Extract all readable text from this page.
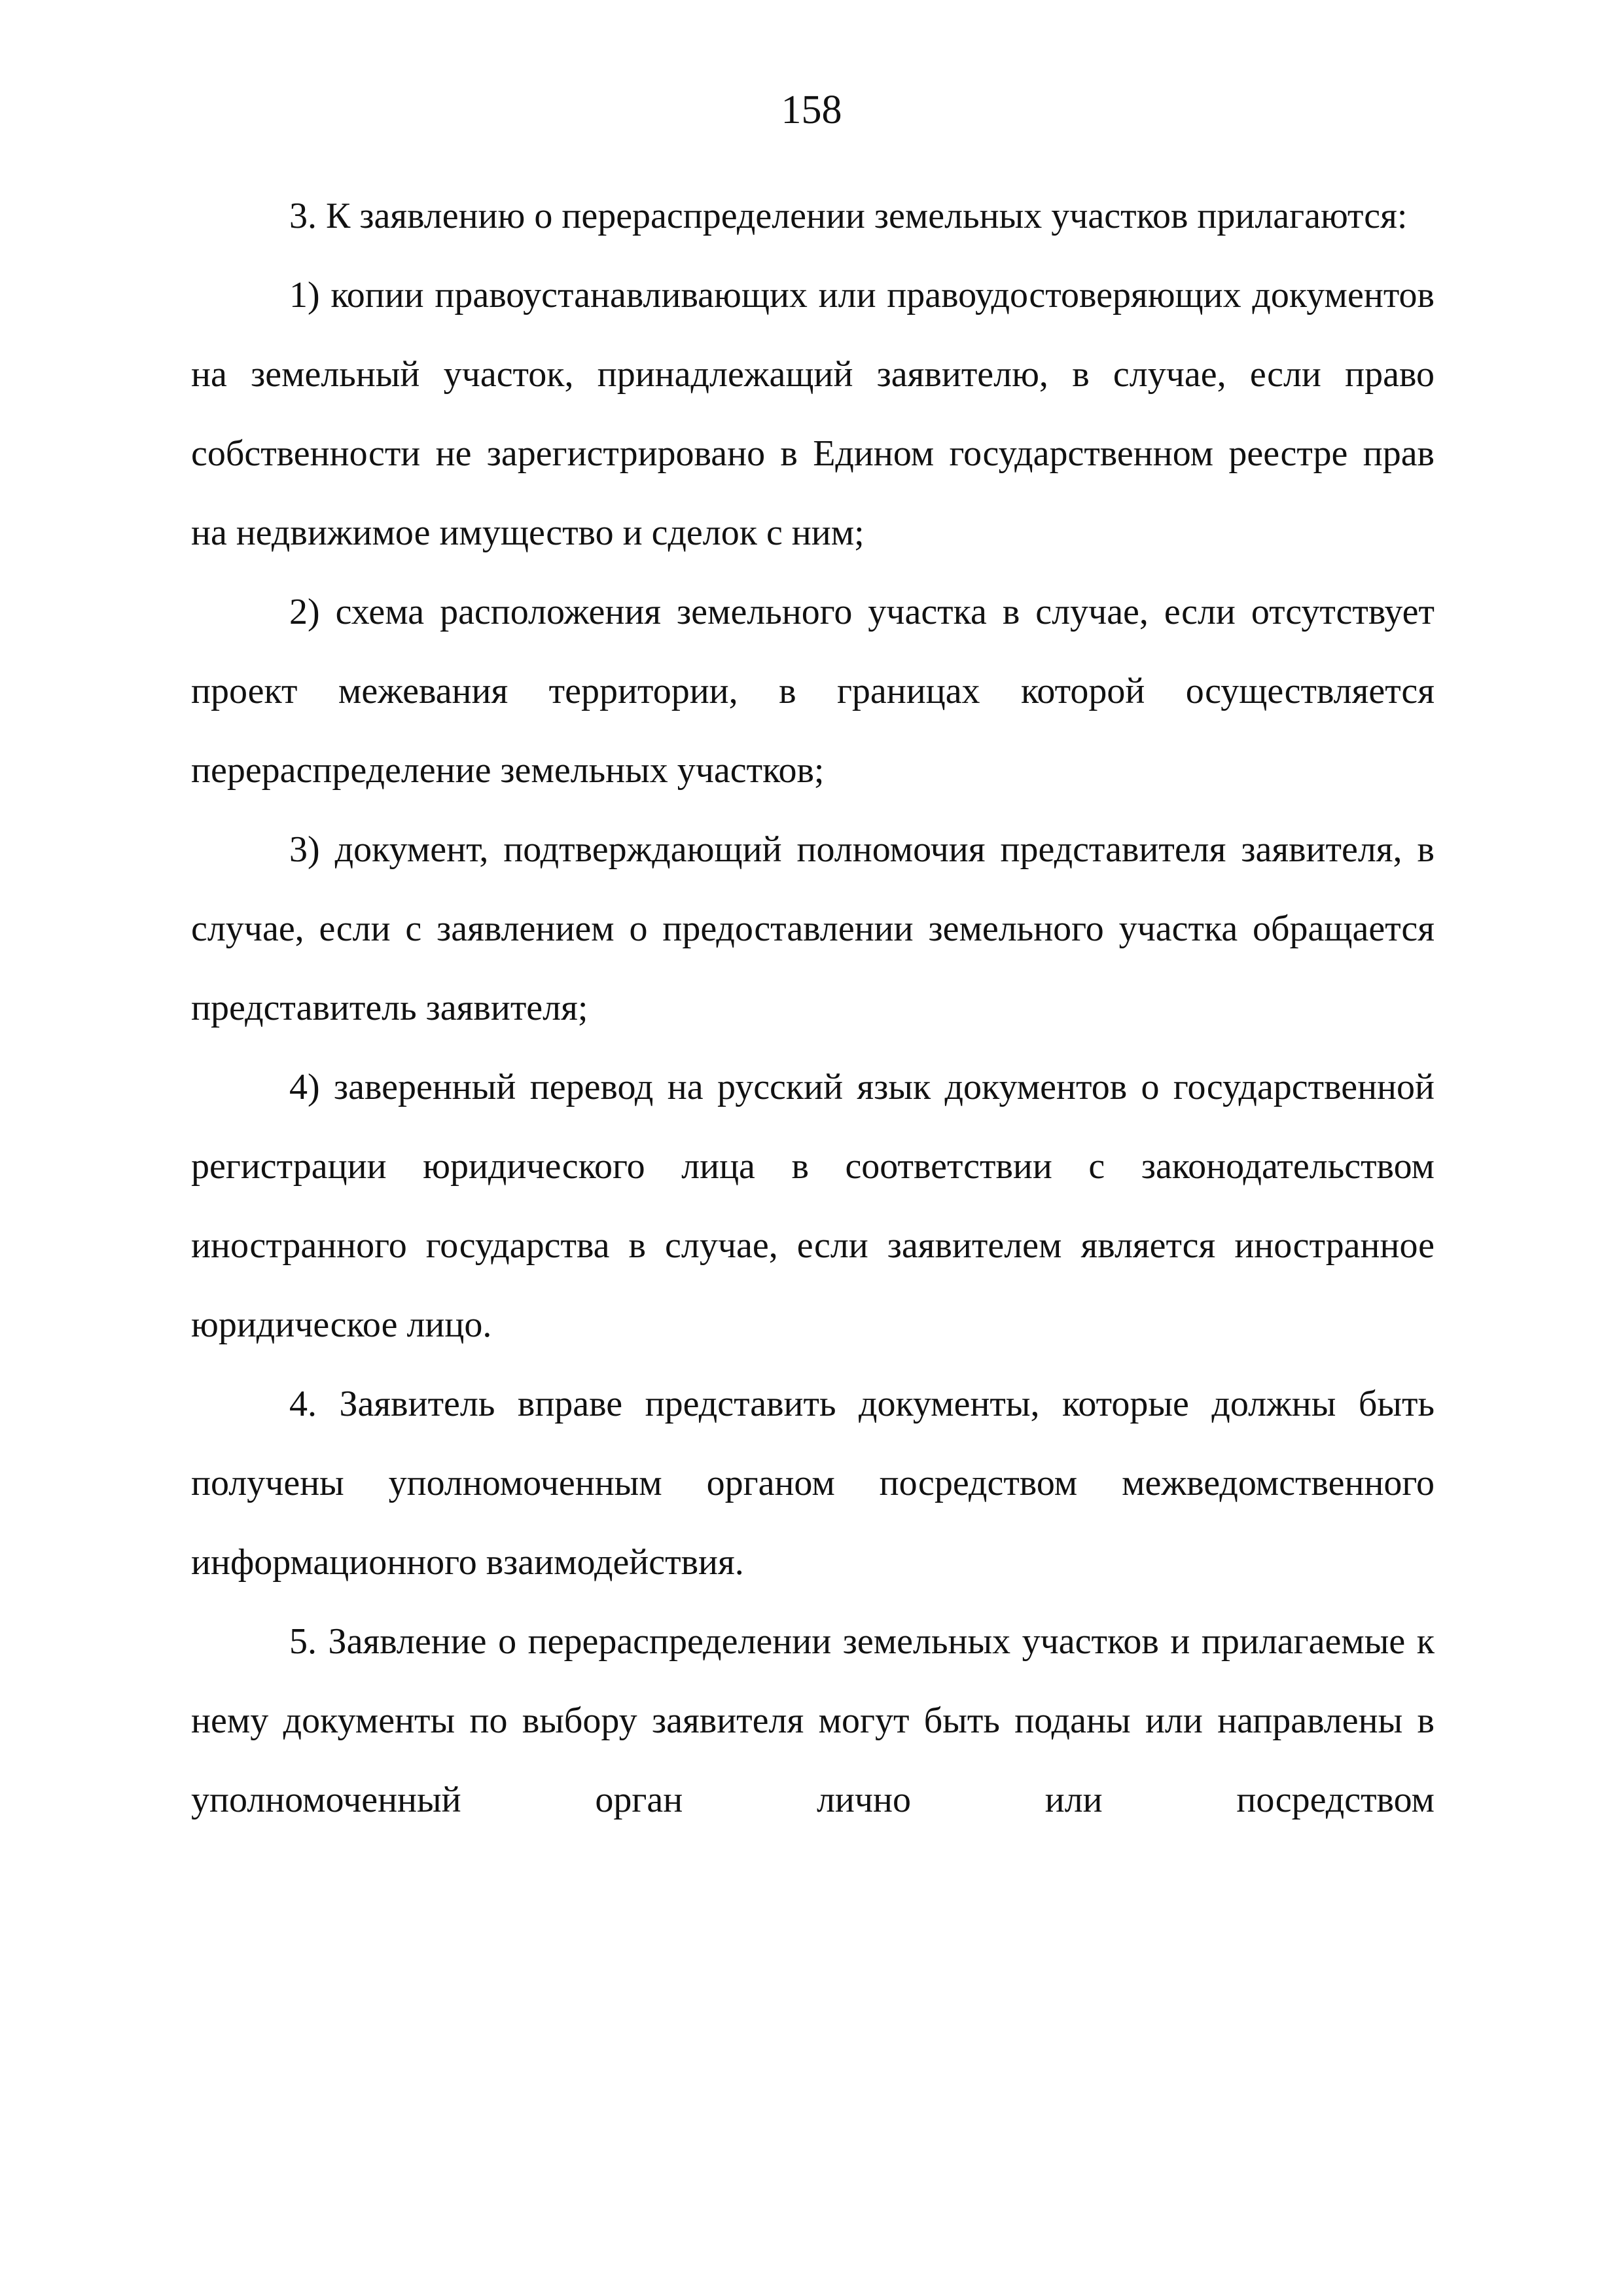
158

3. К заявлению о перераспределении земельных участков прилагаются:

1) копии правоустанавливающих или правоудостоверяющих документов на земельный участок, принадлежащий заявителю, в случае, если право собственности не зарегистрировано в Едином государственном реестре прав на недвижимое имущество и сделок с ним;

2) схема расположения земельного участка в случае, если отсутствует проект межевания территории, в границах которой осуществляется перераспределение земельных участков;

3) документ, подтверждающий полномочия представителя заявителя, в случае, если с заявлением о предоставлении земельного участка обращается представитель заявителя;

4) заверенный перевод на русский язык документов о государственной регистрации юридического лица в соответствии с законодательством иностранного государства в случае, если заявителем является иностранное юридическое лицо.

4. Заявитель вправе представить документы, которые должны быть получены уполномоченным органом посредством межведомственного информационного взаимодействия.

5. Заявление о перераспределении земельных участков и прилагаемые к нему документы по выбору заявителя могут быть поданы или направлены в уполномоченный орган лично или посредством
